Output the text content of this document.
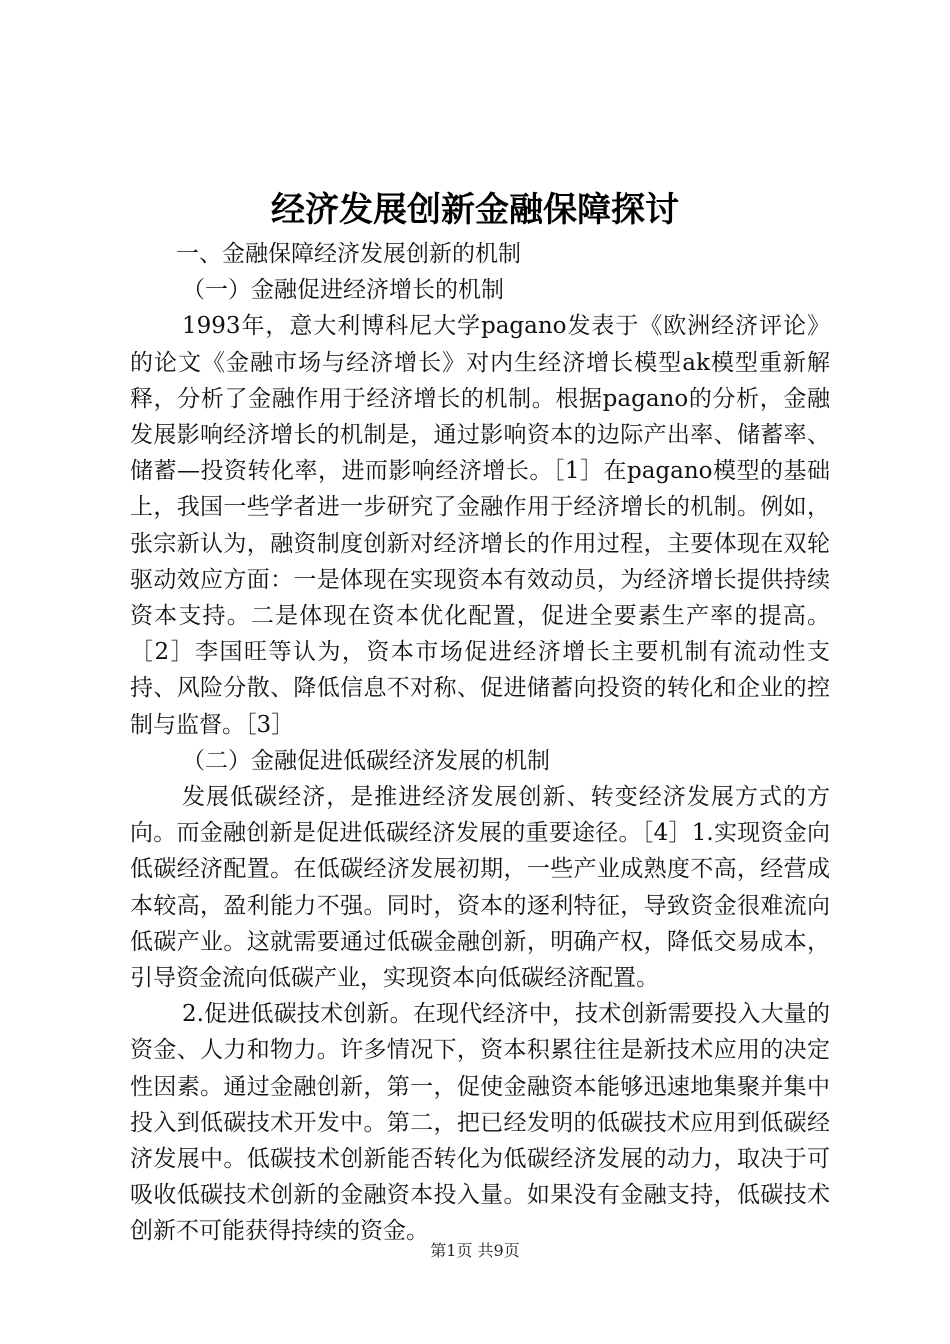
经济发展创新金融保障探讨
一、金融保障经济发展创新的机制
（一）金融促进经济增长的机制

1993年，意大利博科尼大学pagano发表于《欧洲经济评论》的论文《金融市场与经济增长》对内生经济增长模型ak模型重新解释，分析了金融作用于经济增长的机制。根据pagano的分析，金融发展影响经济增长的机制是，通过影响资本的边际产出率、储蓄率、储蓄—投资转化率，进而影响经济增长。［1］在pagano模型的基础上，我国一些学者进一步研究了金融作用于经济增长的机制。例如，张宗新认为，融资制度创新对经济增长的作用过程，主要体现在双轮驱动效应方面：一是体现在实现资本有效动员，为经济增长提供持续资本支持。二是体现在资本优化配置，促进全要素生产率的提高。［2］李国旺等认为，资本市场促进经济增长主要机制有流动性支持、风险分散、降低信息不对称、促进储蓄向投资的转化和企业的控制与监督。［3］

（二）金融促进低碳经济发展的机制

发展低碳经济，是推进经济发展创新、转变经济发展方式的方向。而金融创新是促进低碳经济发展的重要途径。［4］1.实现资金向低碳经济配置。在低碳经济发展初期，一些产业成熟度不高，经营成本较高，盈利能力不强。同时，资本的逐利特征，导致资金很难流向低碳产业。这就需要通过低碳金融创新，明确产权，降低交易成本，引导资金流向低碳产业，实现资本向低碳经济配置。

2.促进低碳技术创新。在现代经济中，技术创新需要投入大量的资金、人力和物力。许多情况下，资本积累往往是新技术应用的决定性因素。通过金融创新，第一，促使金融资本能够迅速地集聚并集中投入到低碳技术开发中。第二，把已经发明的低碳技术应用到低碳经济发展中。低碳技术创新能否转化为低碳经济发展的动力，取决于可吸收低碳技术创新的金融资本投入量。如果没有金融支持，低碳技术创新不可能获得持续的资金。

第1页 共9页
